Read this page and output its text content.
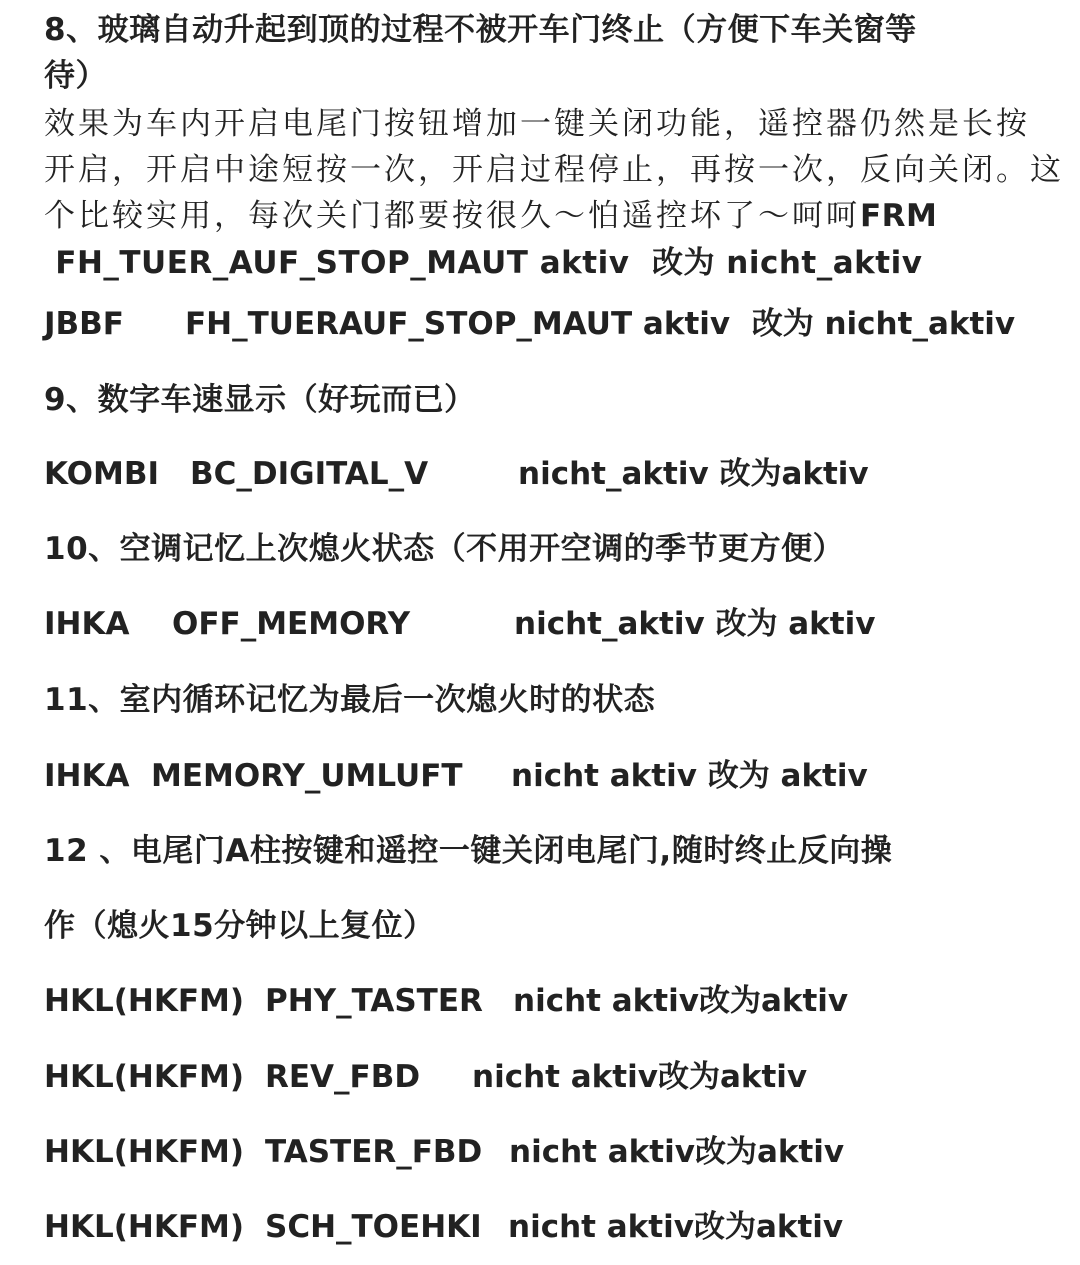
8、玻璃自动升起到顶的过程不被开车门终止（方便下车关窗等
待）
效果为车内开启电尾门按钮增加一键关闭功能，遥控器仍然是长按
开启，开启中途短按一次，开启过程停止，再按一次，反向关闭。这
个比较实用，每次关门都要按很久～怕遥控坏了～呵呵FRM
FH_TUER_AUF_STOP_MAUT aktiv  改为 nicht_aktiv
JBBF FH_TUERAUF_STOP_MAUT aktiv  改为 nicht_aktiv
9、数字车速显示（好玩而已）
KOMBI BC_DIGITAL_V	nicht_aktiv 改为aktiv
10、空调记忆上次熄火状态（不用开空调的季节更方便）
IHKA OFF_MEMORY	nicht_aktiv 改为 aktiv
11、室内循环记忆为最后一次熄火时的状态
IHKA MEMORY_UMLUFT nicht aktiv 改为 aktiv
12 、电尾门A柱按键和遥控一键关闭电尾门,随时终止反向操
作（熄火15分钟以上复位）
HKL(HKFM) PHY_TASTER nicht aktiv改为aktiv
HKL(HKFM) REV_FBD nicht aktiv改为aktiv
HKL(HKFM) TASTER_FBD nicht aktiv改为aktiv
HKL(HKFM) SCH_TOEHKI nicht aktiv改为aktiv
